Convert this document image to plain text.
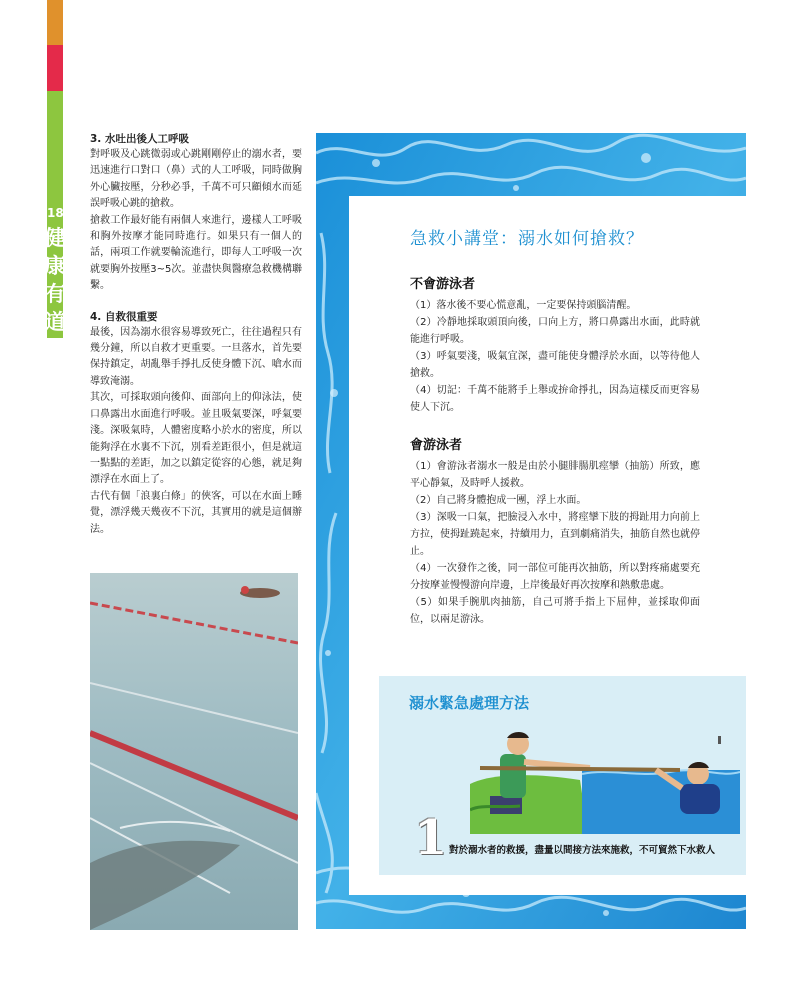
18
健
康
有
道
3. 水吐出後人工呼吸

對呼吸及心跳微弱或心跳剛剛停止的溺水者，要迅速進行口對口（鼻）式的人工呼吸，同時做胸外心臟按壓，分秒必爭，千萬不可只顧傾水而延誤呼吸心跳的搶救。

搶救工作最好能有兩個人來進行，邊樣人工呼吸和胸外按摩才能同時進行。如果只有一個人的話，兩項工作就要輪流進行，即每人工呼吸一次就要胸外按壓3~5次。並盡快與醫療急救機構聯繫。

4. 自救很重要

最後，因為溺水很容易導致死亡，往往過程只有幾分鐘，所以自救才更重要。一旦落水，首先要保持鎮定，胡亂舉手掙扎反使身體下沉、嗆水而導致淹溺。

其次，可採取頭向後仰、面部向上的仰泳法，使口鼻露出水面進行呼吸。並且吸氣要深，呼氣要淺。深吸氣時，人體密度略小於水的密度，所以能夠浮在水裏不下沉，別看差距很小，但是就這一點點的差距，加之以鎮定從容的心態，就足夠漂浮在水面上了。

古代有個「浪裏白條」的俠客，可以在水面上睡覺，漂浮幾天幾夜不下沉，其實用的就是這個辦法。

急救小講堂：溺水如何搶救？
不會游泳者

（1）落水後不要心慌意亂，一定要保持頭腦清醒。

（2）冷靜地採取頭頂向後，口向上方，將口鼻露出水面，此時就能進行呼吸。

（3）呼氣要淺，吸氣宜深，盡可能使身體浮於水面，以等待他人搶救。

（4）切記：千萬不能將手上舉或拚命掙扎，因為這樣反而更容易使人下沉。

會游泳者

（1）會游泳者溺水一般是由於小腿腓腸肌痙攣（抽筋）所致，應平心靜氣，及時呼人援救。

（2）自己將身體抱成一團，浮上水面。

（3）深吸一口氣，把臉浸入水中，將痙攣下肢的拇趾用力向前上方拉，使拇趾蹺起來，持續用力，直到劇痛消失，抽筋自然也就停止。

（4）一次發作之後，同一部位可能再次抽筋，所以對疼痛處要充分按摩並慢慢游向岸邊，上岸後最好再次按摩和熱敷患處。

（5）如果手腕肌肉抽筋，自己可將手指上下屈伸，並採取仰面位，以兩足游泳。

溺水緊急處理方法
1 對於溺水者的救援，盡量以間接方法來施救，不可貿然下水救人
